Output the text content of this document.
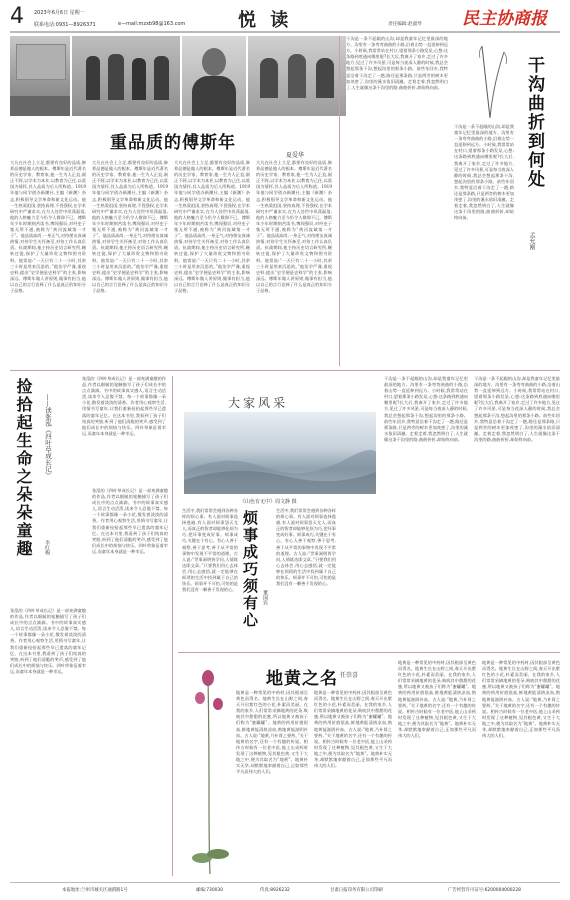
4 2023年6月6日 星期一
联系电话:0931—8926371	e—mail:mzxb98@163.com	悦 读	责任编辑:赵淑琴 民主协商报
重品质的傅斯年
夏爱华
大凡在社会上立足,都要有良好的品质,修养品德是做人的根本。傅斯年是近代著名的历史学家、教育家,他一生为人正直,刚正不阿,以学术为本业,以教育为己任,以爱国为情怀,其人品质为后人所称道。1919年他与同学创办新潮社,主编《新潮》杂志,积极倡导文学革命和新文化运动。他一生热爱祖国,坚持真理,不畏强权,在学术研究中严谨求实,在为人处世中坦荡磊落,他的人格魅力至今仍令人敬仰不已。傅斯年少年时期刻苦读书,博闻强识,对经史子集无所不通,被称为“黄河流域第一才子”。他品质高尚,一身正气,对待朋友真诚热情,对待学生关怀备至,对待工作认真负责。抗战期间,他主持历史语言研究所,辗转迁徙,保护了大量珍贵文物和图书资料。他常说:“一天只有二十一小时,其余三小时是用来沉思的。”他治学严谨,重视史料,提出“史学便是史料学”的主张,影响深远。傅斯年做人讲原则,做事有担当,他以自己的言行诠释了什么是真正的知识分子品格。
大凡在社会上立足,都要有良好的品质,修养品德是做人的根本。傅斯年是近代著名的历史学家、教育家,他一生为人正直,刚正不阿,以学术为本业,以教育为己任,以爱国为情怀,其人品质为后人所称道。1919年他与同学创办新潮社,主编《新潮》杂志,积极倡导文学革命和新文化运动。他一生热爱祖国,坚持真理,不畏强权,在学术研究中严谨求实,在为人处世中坦荡磊落,他的人格魅力至今仍令人敬仰不已。傅斯年少年时期刻苦读书,博闻强识,对经史子集无所不通,被称为“黄河流域第一才子”。他品质高尚,一身正气,对待朋友真诚热情,对待学生关怀备至,对待工作认真负责。抗战期间,他主持历史语言研究所,辗转迁徙,保护了大量珍贵文物和图书资料。他常说:“一天只有二十一小时,其余三小时是用来沉思的。”他治学严谨,重视史料,提出“史学便是史料学”的主张,影响深远。傅斯年做人讲原则,做事有担当,他以自己的言行诠释了什么是真正的知识分子品格。
大凡在社会上立足,都要有良好的品质,修养品德是做人的根本。傅斯年是近代著名的历史学家、教育家,他一生为人正直,刚正不阿,以学术为本业,以教育为己任,以爱国为情怀,其人品质为后人所称道。1919年他与同学创办新潮社,主编《新潮》杂志,积极倡导文学革命和新文化运动。他一生热爱祖国,坚持真理,不畏强权,在学术研究中严谨求实,在为人处世中坦荡磊落,他的人格魅力至今仍令人敬仰不已。傅斯年少年时期刻苦读书,博闻强识,对经史子集无所不通,被称为“黄河流域第一才子”。他品质高尚,一身正气,对待朋友真诚热情,对待学生关怀备至,对待工作认真负责。抗战期间,他主持历史语言研究所,辗转迁徙,保护了大量珍贵文物和图书资料。他常说:“一天只有二十一小时,其余三小时是用来沉思的。”他治学严谨,重视史料,提出“史学便是史料学”的主张,影响深远。傅斯年做人讲原则,做事有担当,他以自己的言行诠释了什么是真正的知识分子品格。
大凡在社会上立足,都要有良好的品质,修养品德是做人的根本。傅斯年是近代著名的历史学家、教育家,他一生为人正直,刚正不阿,以学术为本业,以教育为己任,以爱国为情怀,其人品质为后人所称道。1919年他与同学创办新潮社,主编《新潮》杂志,积极倡导文学革命和新文化运动。他一生热爱祖国,坚持真理,不畏强权,在学术研究中严谨求实,在为人处世中坦荡磊落,他的人格魅力至今仍令人敬仰不已。傅斯年少年时期刻苦读书,博闻强识,对经史子集无所不通,被称为“黄河流域第一才子”。他品质高尚,一身正气,对待朋友真诚热情,对待学生关怀备至,对待工作认真负责。抗战期间,他主持历史语言研究所,辗转迁徙,保护了大量珍贵文物和图书资料。他常说:“一天只有二十一小时,其余三小时是用来沉思的。”他治学严谨,重视史料,提出“史学便是史料学”的主张,影响深远。傅斯年做人讲原则,做事有担当,他以自己的言行诠释了什么是真正的知识分子品格。
干沟是一条不起眼的山沟,却是我童年记忆里最深的地方。沟里有一条弯弯曲曲的小路,沿着山势一直延伸到远方。小时候,我常常站在村口,望着那条小路发呆,心想:这条路到底通向哪里呢?长大后,我离开了家乡,走过了许多地方,见过了许多风景,可是每当夜深人静的时候,我总会想起那条干沟,想起沟里的那条小路。前些年回乡,我特意沿着干沟走了一趟,路还是那条路,只是两旁的树木更加茂密了,沟里的溪水依旧清澈。走着走着,我忽然明白了,人生就像这条干沟里的路,曲曲折折,却始终向前。
干沟是一条不起眼的山沟,却是我童年记忆里最深的地方。沟里有一条弯弯曲曲的小路,沿着山势一直延伸到远方。小时候,我常常站在村口,望着那条小路发呆,心想:这条路到底通向哪里呢?长大后,我离开了家乡,走过了许多地方,见过了许多风景,可是每当夜深人静的时候,我总会想起那条干沟,想起沟里的那条小路。前些年回乡,我特意沿着干沟走了一趟,路还是那条路,只是两旁的树木更加茂密了,沟里的溪水依旧清澈。走着走着,我忽然明白了,人生就像这条干沟里的路,曲曲折折,却始终向前。
干沟曲折到何处
孟允刚
张泓的《四叶草成长记》是一部充满童趣的作品,作者以细腻的笔触描写了孩子们成长中的点点滴滴。书中的故事真实感人,语言生动活泼,读来令人忍俊不禁。每一个故事都像一朵小花,散发着淡淡的清香。作者用心观察生活,用情书写童年,让我们重新捡拾起那些早已遗落的童年记忆。在这本书里,我看到了孩子们纯真的笑脸,听到了他们清脆的笑声,感受到了他们成长中的烦恼与快乐。四叶草象征着幸运,而童年本身就是一种幸运。
捡拾起生命之朵朵童趣	——读张泓《四叶草成长记》
李红梅
张泓的《四叶草成长记》是一部充满童趣的作品,作者以细腻的笔触描写了孩子们成长中的点点滴滴。书中的故事真实感人,语言生动活泼,读来令人忍俊不禁。每一个故事都像一朵小花,散发着淡淡的清香。作者用心观察生活,用情书写童年,让我们重新捡拾起那些早已遗落的童年记忆。在这本书里,我看到了孩子们纯真的笑脸,听到了他们清脆的笑声,感受到了他们成长中的烦恼与快乐。四叶草象征着幸运,而童年本身就是一种幸运。
张泓的《四叶草成长记》是一部充满童趣的作品,作者以细腻的笔触描写了孩子们成长中的点点滴滴。书中的故事真实感人,语言生动活泼,读来令人忍俊不禁。每一个故事都像一朵小花,散发着淡淡的清香。作者用心观察生活,用情书写童年,让我们重新捡拾起那些早已遗落的童年记忆。在这本书里,我看到了孩子们纯真的笑脸,听到了他们清脆的笑声,感受到了他们成长中的烦恼与快乐。四叶草象征着幸运,而童年本身就是一种幸运。
大家风采
《山色有无中》周文静 摄
生活中,我们常常会遇到各种各样的烦心事。有人面对烦事选择逃避,有人面对烦事怨天尤人,而真正的智者却能够化烦为巧,把坏事变成好事。烦事成巧,关键在于有心。有心人善于观察,善于思考,善于从平常的事物中发现不平常的道理。古人说:“世事洞明皆学问,人情练达即文章。”只要我们用心去体会,用心去感悟,就一定能够在烦琐的生活中找到属于自己的快乐。烦事并不可怕,可怕的是我们没有一颗善于发现的心。 烦事成巧须有心 董国宾
生活中,我们常常会遇到各种各样的烦心事。有人面对烦事选择逃避,有人面对烦事怨天尤人,而真正的智者却能够化烦为巧,把坏事变成好事。烦事成巧,关键在于有心。有心人善于观察,善于思考,善于从平常的事物中发现不平常的道理。古人说:“世事洞明皆学问,人情练达即文章。”只要我们用心去体会,用心去感悟,就一定能够在烦琐的生活中找到属于自己的快乐。烦事并不可怕,可怕的是我们没有一颗善于发现的心。
干沟是一条不起眼的山沟,却是我童年记忆里最深的地方。沟里有一条弯弯曲曲的小路,沿着山势一直延伸到远方。小时候,我常常站在村口,望着那条小路发呆,心想:这条路到底通向哪里呢?长大后,我离开了家乡,走过了许多地方,见过了许多风景,可是每当夜深人静的时候,我总会想起那条干沟,想起沟里的那条小路。前些年回乡,我特意沿着干沟走了一趟,路还是那条路,只是两旁的树木更加茂密了,沟里的溪水依旧清澈。走着走着,我忽然明白了,人生就像这条干沟里的路,曲曲折折,却始终向前。
干沟是一条不起眼的山沟,却是我童年记忆里最深的地方。沟里有一条弯弯曲曲的小路,沿着山势一直延伸到远方。小时候,我常常站在村口,望着那条小路发呆,心想:这条路到底通向哪里呢?长大后,我离开了家乡,走过了许多地方,见过了许多风景,可是每当夜深人静的时候,我总会想起那条干沟,想起沟里的那条小路。前些年回乡,我特意沿着干沟走了一趟,路还是那条路,只是两旁的树木更加茂密了,沟里的溪水依旧清澈。走着走着,我忽然明白了,人生就像这条干沟里的路,曲曲折折,却始终向前。
地黄之名 任崇喜
地黄是一种常见的中药材,因其根部呈黄色而得名。地黄生长在山野之间,春天开出紫红色的小花,朴素而美丽。在我的家乡,人们常常采摘地黄的花朵,吸吮其中甜甜的花蜜,所以地黄又被孩子们称为“蜜罐罐”。地黄的药用价值很高,鲜地黄能清热凉血,熟地黄能滋阴补血。古人说:“地黄,乃补肾之要药。”关于地黄的名字,还有一个有趣的传说。相传古时候有一位老中医,他上山采药时发现了这种植物,见其根色黄,又生于大地之中,便为其取名为“地黄”。地黄朴实无华,却默默地奉献着自己,正如那些平凡而伟大的人们。
地黄是一种常见的中药材,因其根部呈黄色而得名。地黄生长在山野之间,春天开出紫红色的小花,朴素而美丽。在我的家乡,人们常常采摘地黄的花朵,吸吮其中甜甜的花蜜,所以地黄又被孩子们称为“蜜罐罐”。地黄的药用价值很高,鲜地黄能清热凉血,熟地黄能滋阴补血。古人说:“地黄,乃补肾之要药。”关于地黄的名字,还有一个有趣的传说。相传古时候有一位老中医,他上山采药时发现了这种植物,见其根色黄,又生于大地之中,便为其取名为“地黄”。地黄朴实无华,却默默地奉献着自己,正如那些平凡而伟大的人们。
地黄是一种常见的中药材,因其根部呈黄色而得名。地黄生长在山野之间,春天开出紫红色的小花,朴素而美丽。在我的家乡,人们常常采摘地黄的花朵,吸吮其中甜甜的花蜜,所以地黄又被孩子们称为“蜜罐罐”。地黄的药用价值很高,鲜地黄能清热凉血,熟地黄能滋阴补血。古人说:“地黄,乃补肾之要药。”关于地黄的名字,还有一个有趣的传说。相传古时候有一位老中医,他上山采药时发现了这种植物,见其根色黄,又生于大地之中,便为其取名为“地黄”。地黄朴实无华,却默默地奉献着自己,正如那些平凡而伟大的人们。
地黄是一种常见的中药材,因其根部呈黄色而得名。地黄生长在山野之间,春天开出紫红色的小花,朴素而美丽。在我的家乡,人们常常采摘地黄的花朵,吸吮其中甜甜的花蜜,所以地黄又被孩子们称为“蜜罐罐”。地黄的药用价值很高,鲜地黄能清热凉血,熟地黄能滋阴补血。古人说:“地黄,乃补肾之要药。”关于地黄的名字,还有一个有趣的传说。相传古时候有一位老中医,他上山采药时发现了这种植物,见其根色黄,又生于大地之中,便为其取名为“地黄”。地黄朴实无华,却默默地奉献着自己,正如那些平凡而伟大的人们。
本报地址:兰州市城关区通渭路1号	邮编:730030	传真:8926232	甘肃日报印务有限公司印刷	广告经营许可证号:6200004000228
